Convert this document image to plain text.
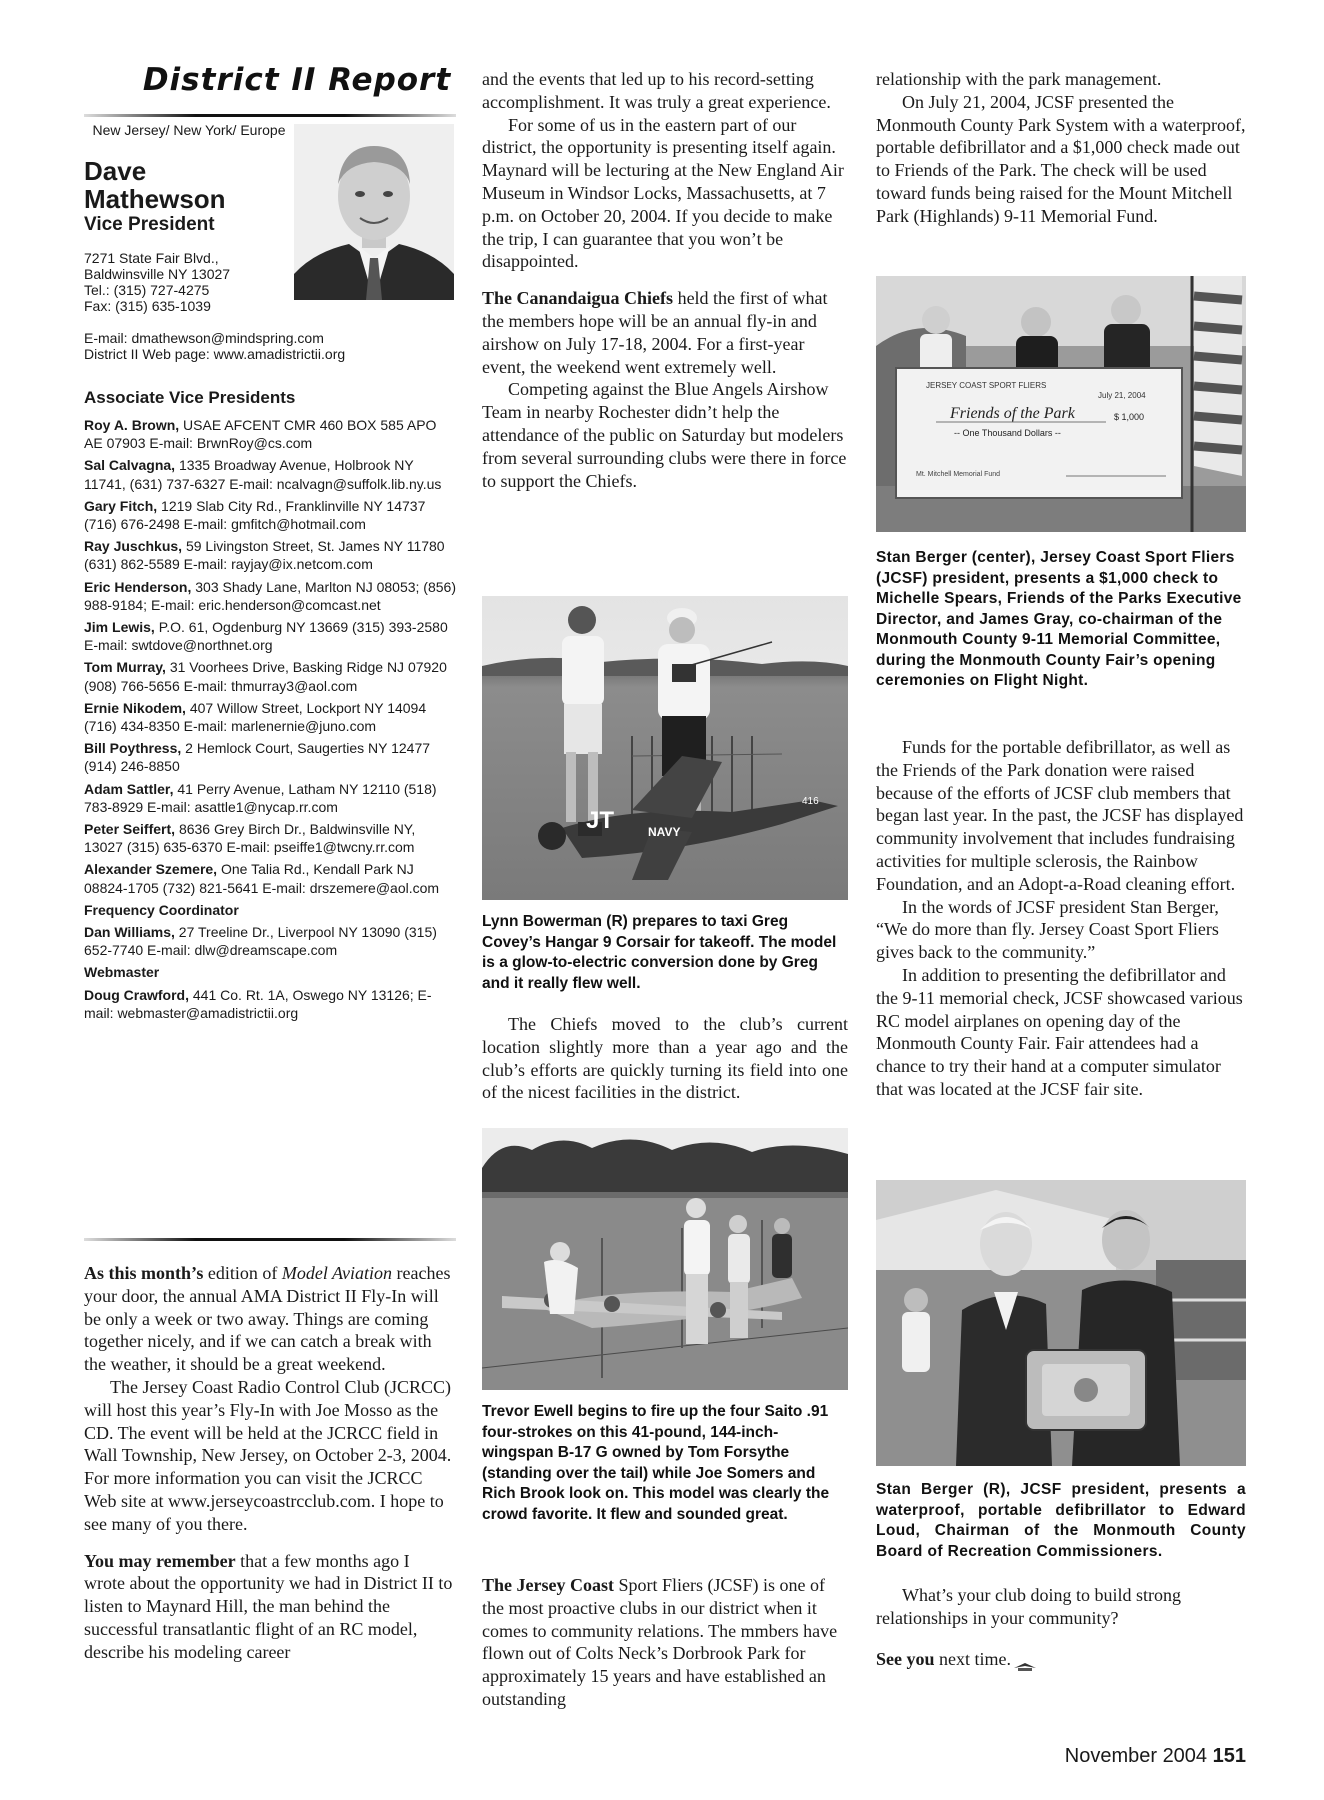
District II Report
New Jersey/ New York/ Europe
Dave
Mathewson
Vice President
7271 State Fair Blvd.,
Baldwinsville NY 13027
Tel.: (315) 727-4275
Fax: (315) 635-1039
E-mail: dmathewson@mindspring.com
District II Web page: www.amadistrictii.org
Associate Vice Presidents

Roy A. Brown, USAE AFCENT CMR 460 BOX 585 APO AE 07903 E-mail: BrwnRoy@cs.com

Sal Calvagna, 1335 Broadway Avenue, Holbrook NY 11741, (631) 737-6327 E-mail: ncalvagn@suffolk.lib.ny.us

Gary Fitch, 1219 Slab City Rd., Franklinville NY 14737 (716) 676-2498 E-mail: gmfitch@hotmail.com

Ray Juschkus, 59 Livingston Street, St. James NY 11780 (631) 862-5589 E-mail: rayjay@ix.netcom.com

Eric Henderson, 303 Shady Lane, Marlton NJ 08053; (856) 988-9184; E-mail: eric.henderson@comcast.net

Jim Lewis, P.O. 61, Ogdenburg NY 13669 (315) 393-2580 E-mail: swtdove@northnet.org

Tom Murray, 31 Voorhees Drive, Basking Ridge NJ 07920 (908) 766-5656 E-mail: thmurray3@aol.com

Ernie Nikodem, 407 Willow Street, Lockport NY 14094 (716) 434-8350 E-mail: marlenernie@juno.com

Bill Poythress, 2 Hemlock Court, Saugerties NY 12477 (914) 246-8850

Adam Sattler, 41 Perry Avenue, Latham NY 12110 (518) 783-8929 E-mail: asattle1@nycap.rr.com

Peter Seiffert, 8636 Grey Birch Dr., Baldwinsville NY, 13027 (315) 635-6370 E-mail: pseiffe1@twcny.rr.com

Alexander Szemere, One Talia Rd., Kendall Park NJ 08824-1705 (732) 821-5641 E-mail: drszemere@aol.com

Frequency Coordinator

Dan Williams, 27 Treeline Dr., Liverpool NY 13090 (315) 652-7740 E-mail: dlw@dreamscape.com

Webmaster

Doug Crawford, 441 Co. Rt. 1A, Oswego NY 13126; E-mail: webmaster@amadistrictii.org

As this month’s edition of Model Aviation reaches your door, the annual AMA District II Fly-In will be only a week or two away. Things are coming together nicely, and if we can catch a break with the weather, it should be a great weekend.

The Jersey Coast Radio Control Club (JCRCC) will host this year’s Fly-In with Joe Mosso as the CD. The event will be held at the JCRCC field in Wall Township, New Jersey, on October 2-3, 2004. For more information you can visit the JCRCC Web site at www.jerseycoastrcclub.com. I hope to see many of you there.

You may remember that a few months ago I wrote about the opportunity we had in District II to listen to Maynard Hill, the man behind the successful transatlantic flight of an RC model, describe his modeling career

and the events that led up to his record-setting accomplishment. It was truly a great experience.

For some of us in the eastern part of our district, the opportunity is presenting itself again. Maynard will be lecturing at the New England Air Museum in Windsor Locks, Massachusetts, at 7 p.m. on October 20, 2004. If you decide to make the trip, I can guarantee that you won’t be disappointed.

The Canandaigua Chiefs held the first of what the members hope will be an annual fly-in and airshow on July 17-18, 2004. For a first-year event, the weekend went extremely well.

Competing against the Blue Angels Airshow Team in nearby Rochester didn’t help the attendance of the public on Saturday but modelers from several surrounding clubs were there in force to support the Chiefs.

JT	NAVY
416
Lynn Bowerman (R) prepares to taxi Greg Covey’s Hangar 9 Corsair for takeoff. The model is a glow-to-electric conversion done by Greg and it really flew well.

The Chiefs moved to the club’s current location slightly more than a year ago and the club’s efforts are quickly turning its field into one of the nicest facilities in the district.

Trevor Ewell begins to fire up the four Saito .91 four-strokes on this 41-pound, 144-inch-wingspan B-17 G owned by Tom Forsythe (standing over the tail) while Joe Somers and Rich Brook look on. This model was clearly the crowd favorite. It flew and sounded great.

The Jersey Coast Sport Fliers (JCSF) is one of the most proactive clubs in our district when it comes to community relations. The mmbers have flown out of Colts Neck’s Dorbrook Park for approximately 15 years and have established an outstanding

relationship with the park management.

On July 21, 2004, JCSF presented the Monmouth County Park System with a waterproof, portable defibrillator and a $1,000 check made out to Friends of the Park. The check will be used toward funds being raised for the Mount Mitchell Park (Highlands) 9-11 Memorial Fund.

JERSEY COAST SPORT FLIERS
July 21, 2004
Friends of the Park	$ 1,000
-- One Thousand Dollars --
Mt. Mitchell Memorial Fund
Stan Berger (center), Jersey Coast Sport Fliers (JCSF) president, presents a $1,000 check to Michelle Spears, Friends of the Parks Executive Director, and James Gray, co-chairman of the Monmouth County 9-11 Memorial Committee, during the Monmouth County Fair’s opening ceremonies on Flight Night.

Funds for the portable defibrillator, as well as the Friends of the Park donation were raised because of the efforts of JCSF club members that began last year. In the past, the JCSF has displayed community involvement that includes fundraising activities for multiple sclerosis, the Rainbow Foundation, and an Adopt-a-Road cleaning effort.

In the words of JCSF president Stan Berger, “We do more than fly. Jersey Coast Sport Fliers gives back to the community.”

In addition to presenting the defibrillator and the 9-11 memorial check, JCSF showcased various RC model airplanes on opening day of the Monmouth County Fair. Fair attendees had a chance to try their hand at a computer simulator that was located at the JCSF fair site.

Stan Berger (R), JCSF president, presents a waterproof, portable defibrillator to Edward Loud, Chairman of the Monmouth County Board of Recreation Commissioners.

What’s your club doing to build strong relationships in your community?

See you next time.

November 2004 151
